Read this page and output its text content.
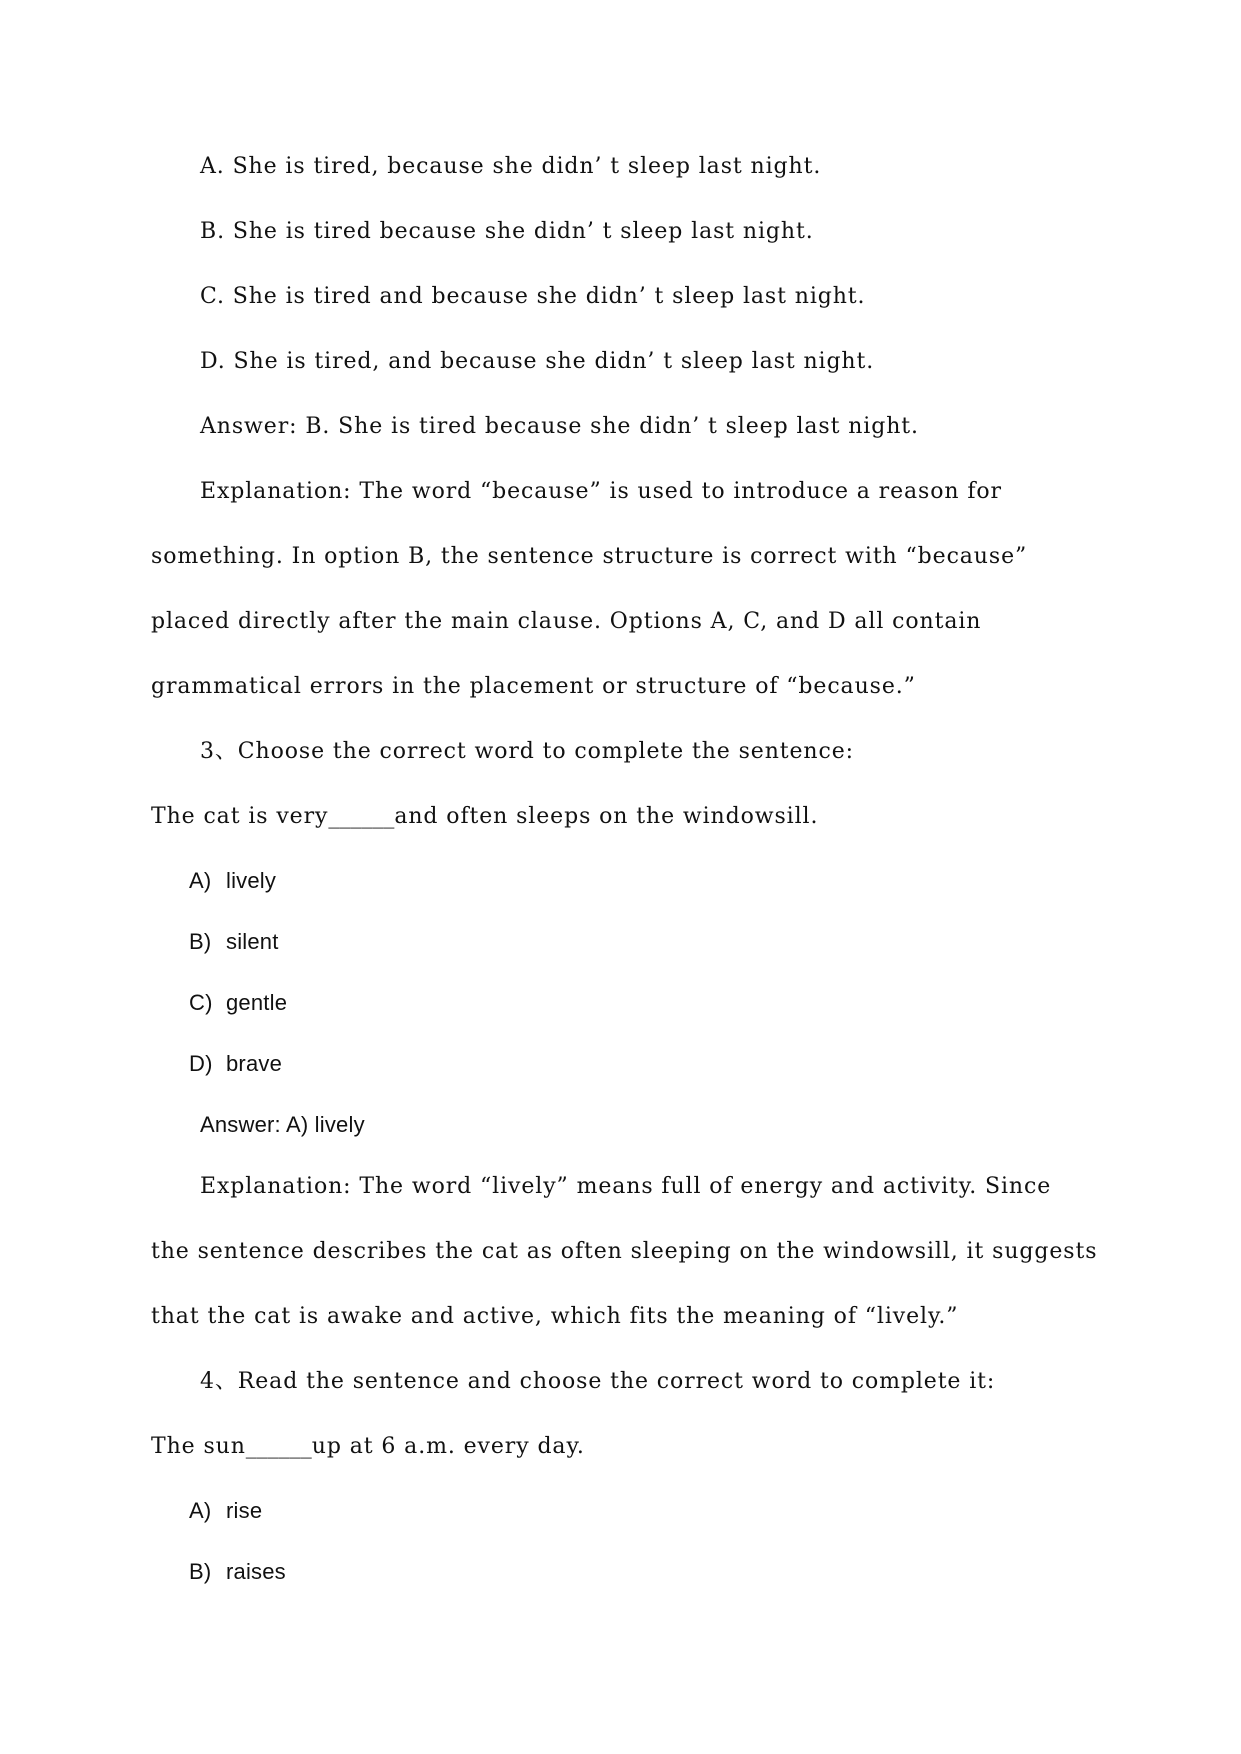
A. She is tired, because she didn’ t sleep last night.
B. She is tired because she didn’ t sleep last night.
C. She is tired and because she didn’ t sleep last night.
D. She is tired, and because she didn’ t sleep last night.
Answer: B. She is tired because she didn’ t sleep last night.
Explanation: The word “because” is used to introduce a reason for
something. In option B, the sentence structure is correct with “because”
placed directly after the main clause. Options A, C, and D all contain
grammatical errors in the placement or structure of “because.”
3、Choose the correct word to complete the sentence:
The cat is very______and often sleeps on the windowsill.
A) lively
B) silent
C) gentle
D) brave
Answer: A) lively
Explanation: The word “lively” means full of energy and activity. Since
the sentence describes the cat as often sleeping on the windowsill, it suggests
that the cat is awake and active, which fits the meaning of “lively.”
4、Read the sentence and choose the correct word to complete it:
The sun______up at 6 a.m. every day.
A) rise
B) raises
